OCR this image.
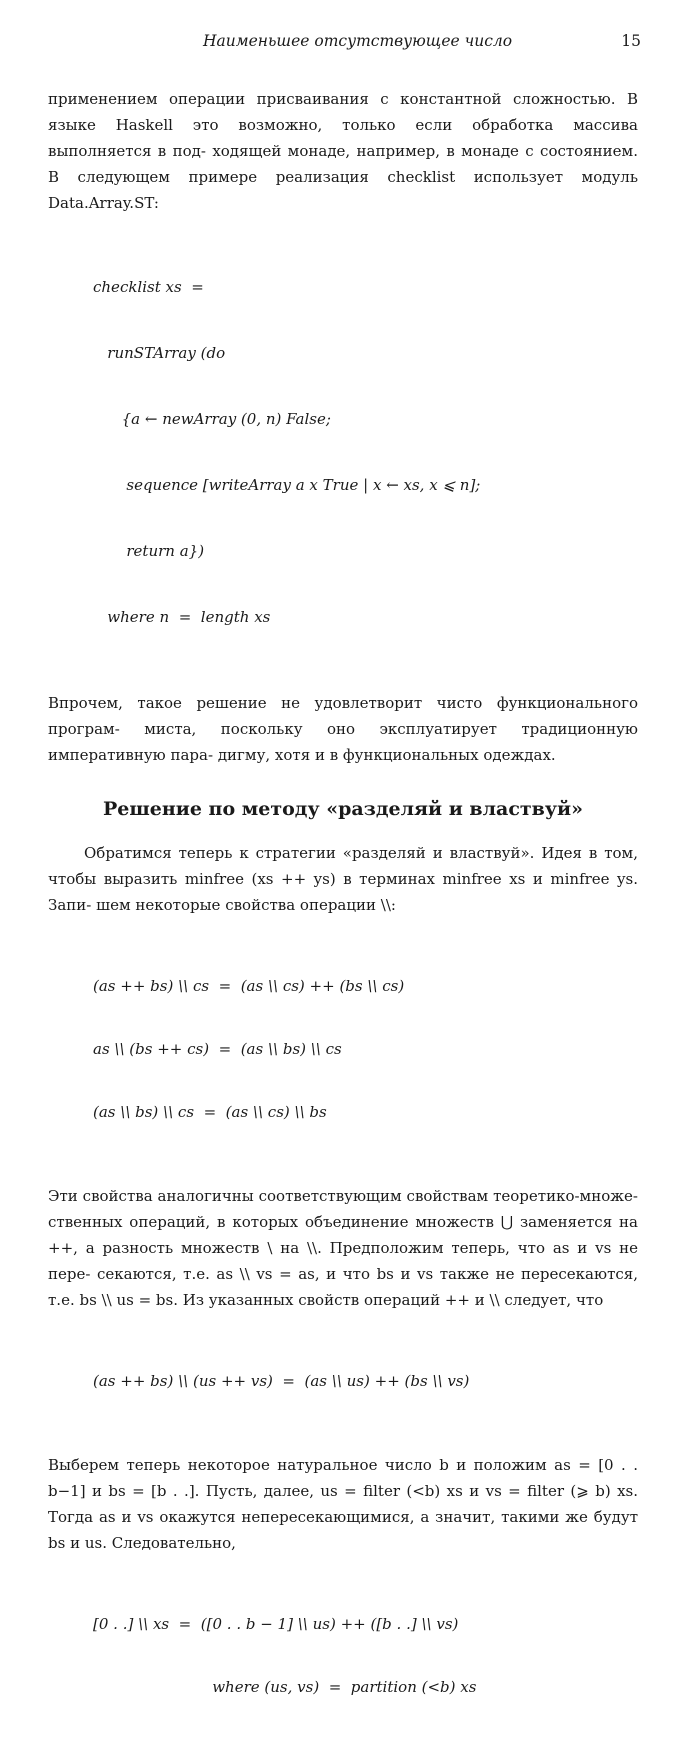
Наименьшее отсутствующее число	15

применением операции присваивания с константной сложностью. В языке Haskell это возможно, только если обработка массива выполняется в под- ходящей монаде, например, в монаде с состоянием. В следующем примере реализация checklist использует модуль Data.Array.ST:

checklist xs  =

runSTArray (do

{a ← newArray (0, n) False;

sequence [writeArray a x True | x ← xs, x ⩽ n];

return a})

where n  =  length xs

Впрочем, такое решение не удовлетворит чисто функционального програм- миста, поскольку оно эксплуатирует традиционную императивную пара- дигму, хотя и в функциональных одеждах.

Решение по методу «разделяй и властвуй»

Обратимся теперь к стратегии «разделяй и властвуй». Идея в том, чтобы выразить minfree (xs ++ ys) в терминах minfree xs и minfree ys. Запи- шем некоторые свойства операции \\:

(as ++ bs) \\ cs  =  (as \\ cs) ++ (bs \\ cs)

as \\ (bs ++ cs)  =  (as \\ bs) \\ cs

(as \\ bs) \\ cs  =  (as \\ cs) \\ bs

Эти свойства аналогичны соответствующим свойствам теоретико-множе- ственных операций, в которых объединение множеств ⋃ заменяется на ++, а разность множеств \ на \\. Предположим теперь, что as и vs не пере- секаются, т.е. as \\ vs = as, и что bs и vs также не пересекаются, т.е. bs \\ us = bs. Из указанных свойств операций ++ и \\ следует, что

(as ++ bs) \\ (us ++ vs)  =  (as \\ us) ++ (bs \\ vs)

Выберем теперь некоторое натуральное число b и положим as = [0 . . b−1] и bs = [b . .]. Пусть, далее, us = filter (<b) xs и vs = filter (⩾ b) xs. Тогда as и vs окажутся непересекающимися, а значит, такими же будут bs и us. Следовательно,

[0 . .] \\ xs  =  ([0 . . b − 1] \\ us) ++ ([b . .] \\ vs)

where (us, vs)  =  partition (<b) xs
